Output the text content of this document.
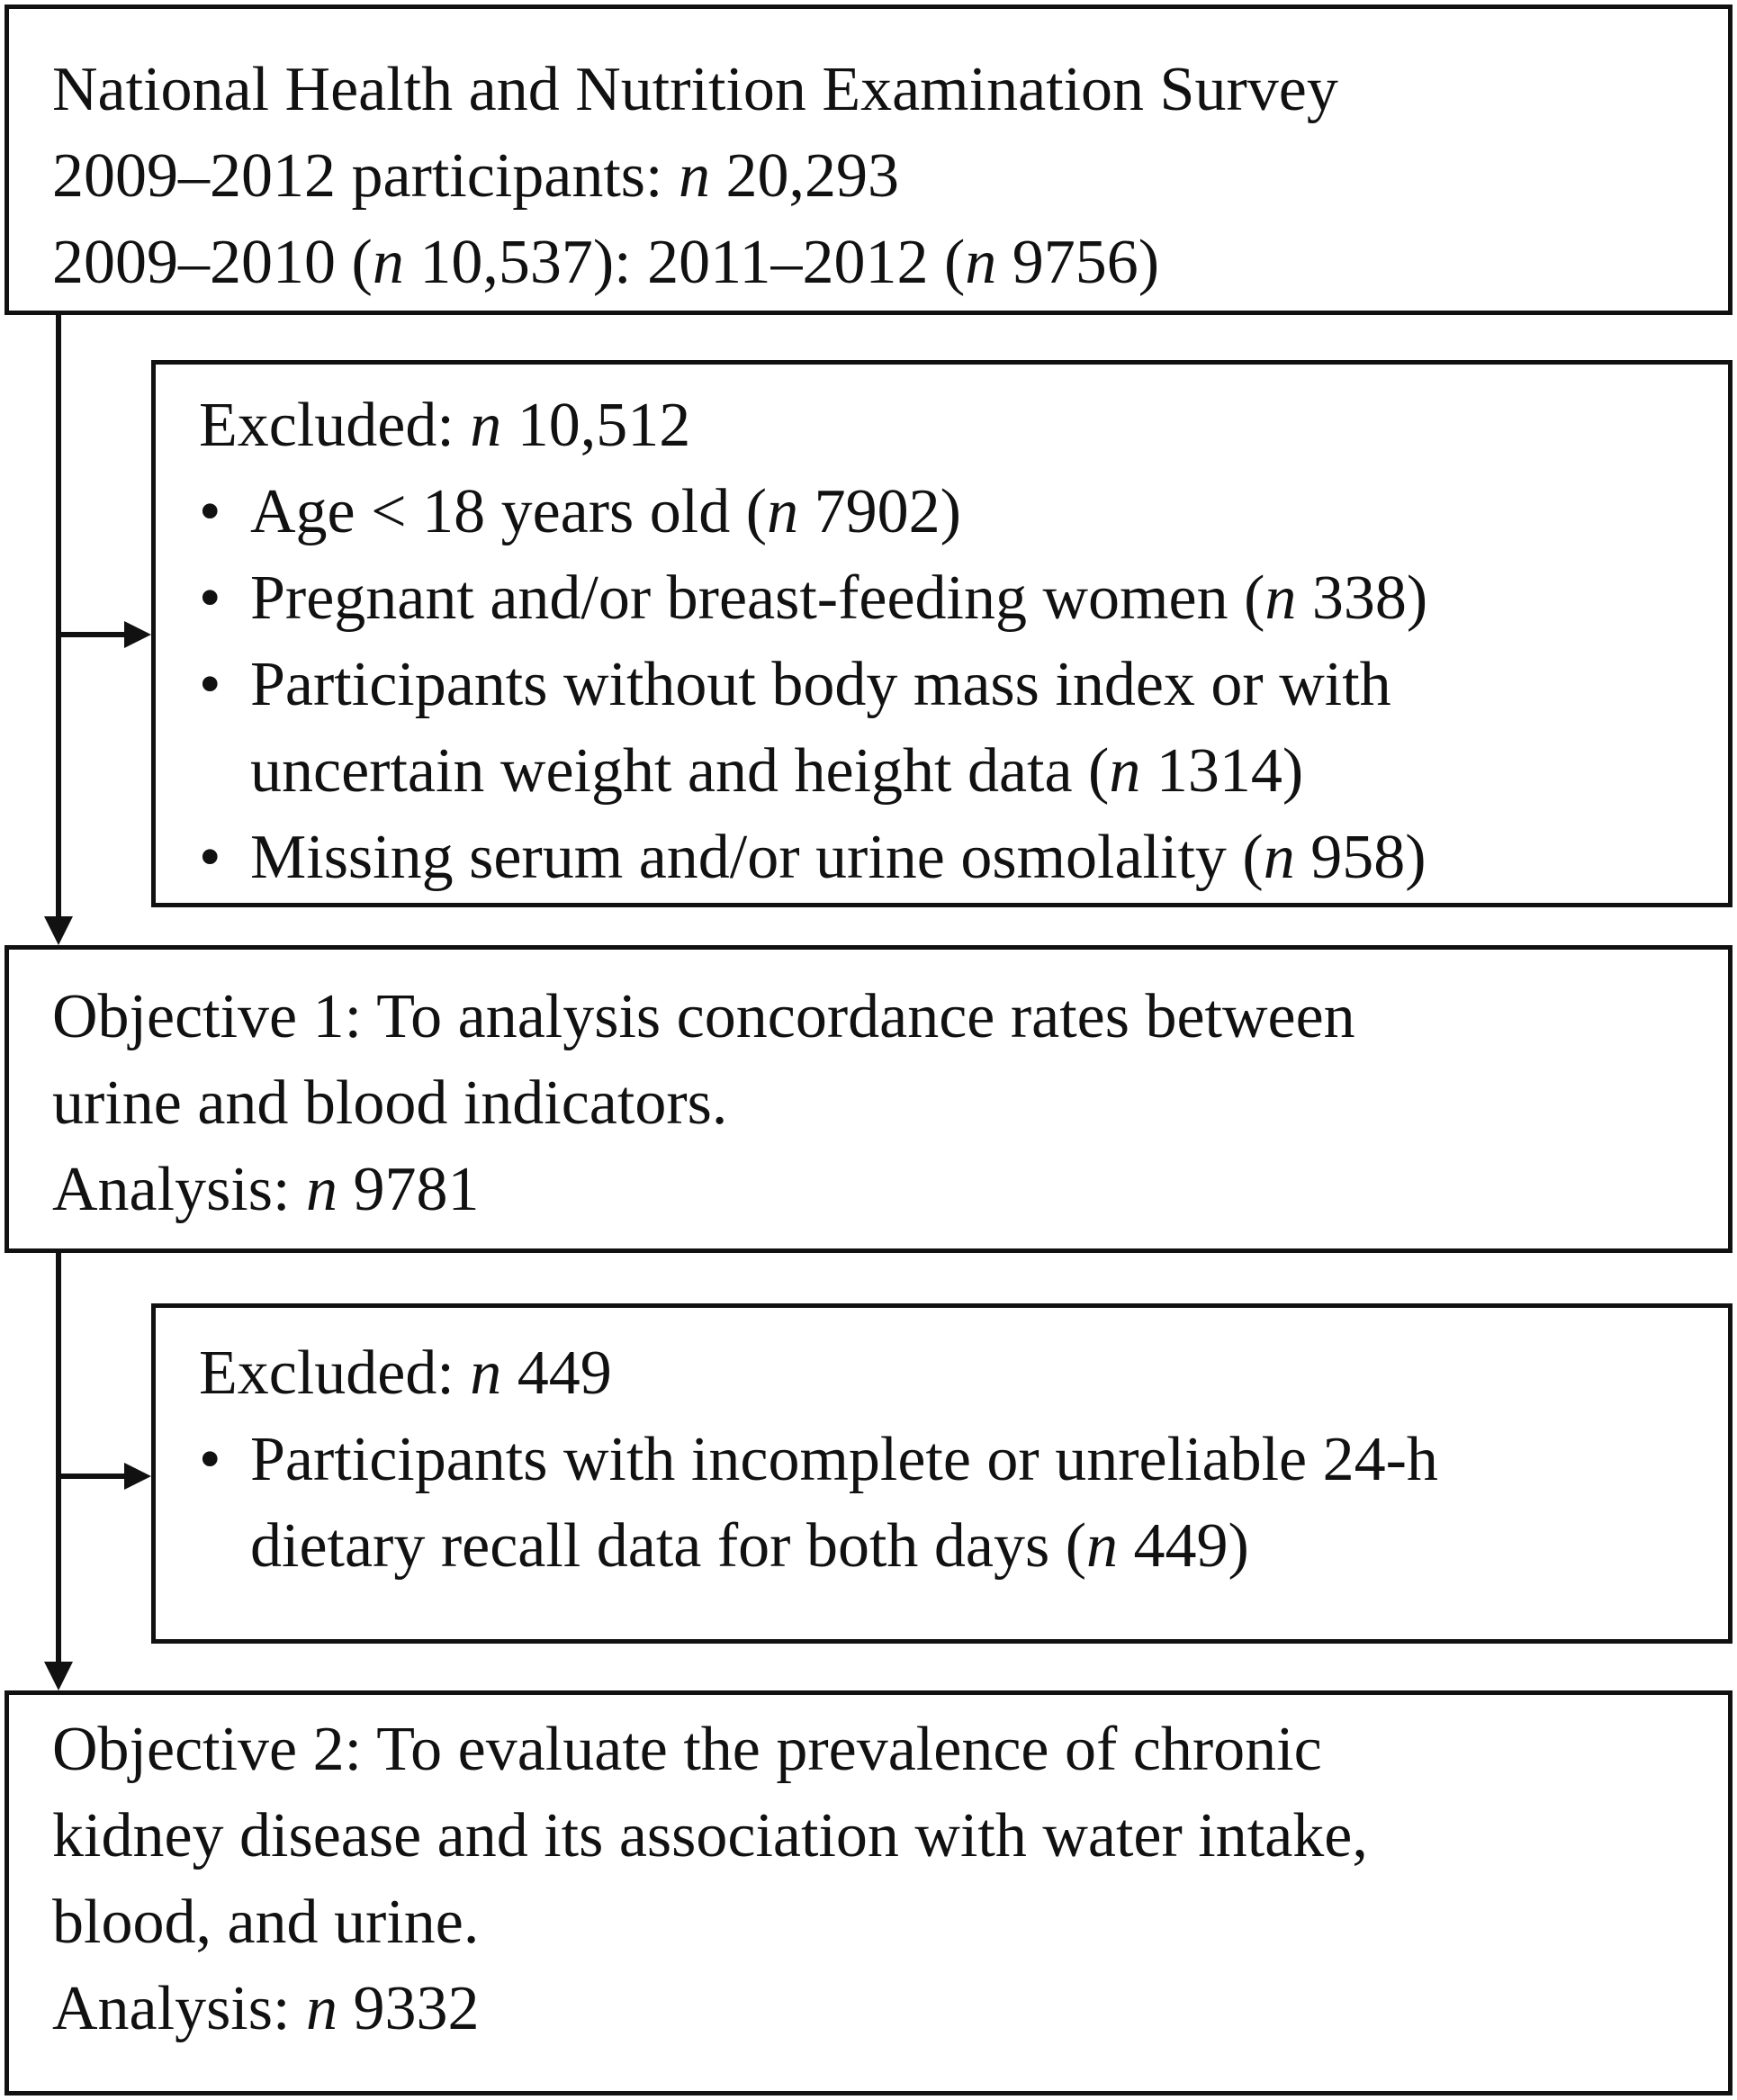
National Health and Nutrition Examination Survey
2009–2012 participants: n 20,293
2009–2010 (n 10,537): 2011–2012 (n 9756)
Excluded: n 10,512
• Age < 18 years old (n 7902)
• Pregnant and/or breast-feeding women (n 338)
• Participants without body mass index or with
uncertain weight and height data (n 1314)
• Missing serum and/or urine osmolality (n 958)
Objective 1: To analysis concordance rates between
urine and blood indicators.
Analysis: n 9781
Excluded: n 449
• Participants with incomplete or unreliable 24-h
dietary recall data for both days (n 449)
Objective 2: To evaluate the prevalence of chronic
kidney disease and its association with water intake,
blood, and urine.
Analysis: n 9332
